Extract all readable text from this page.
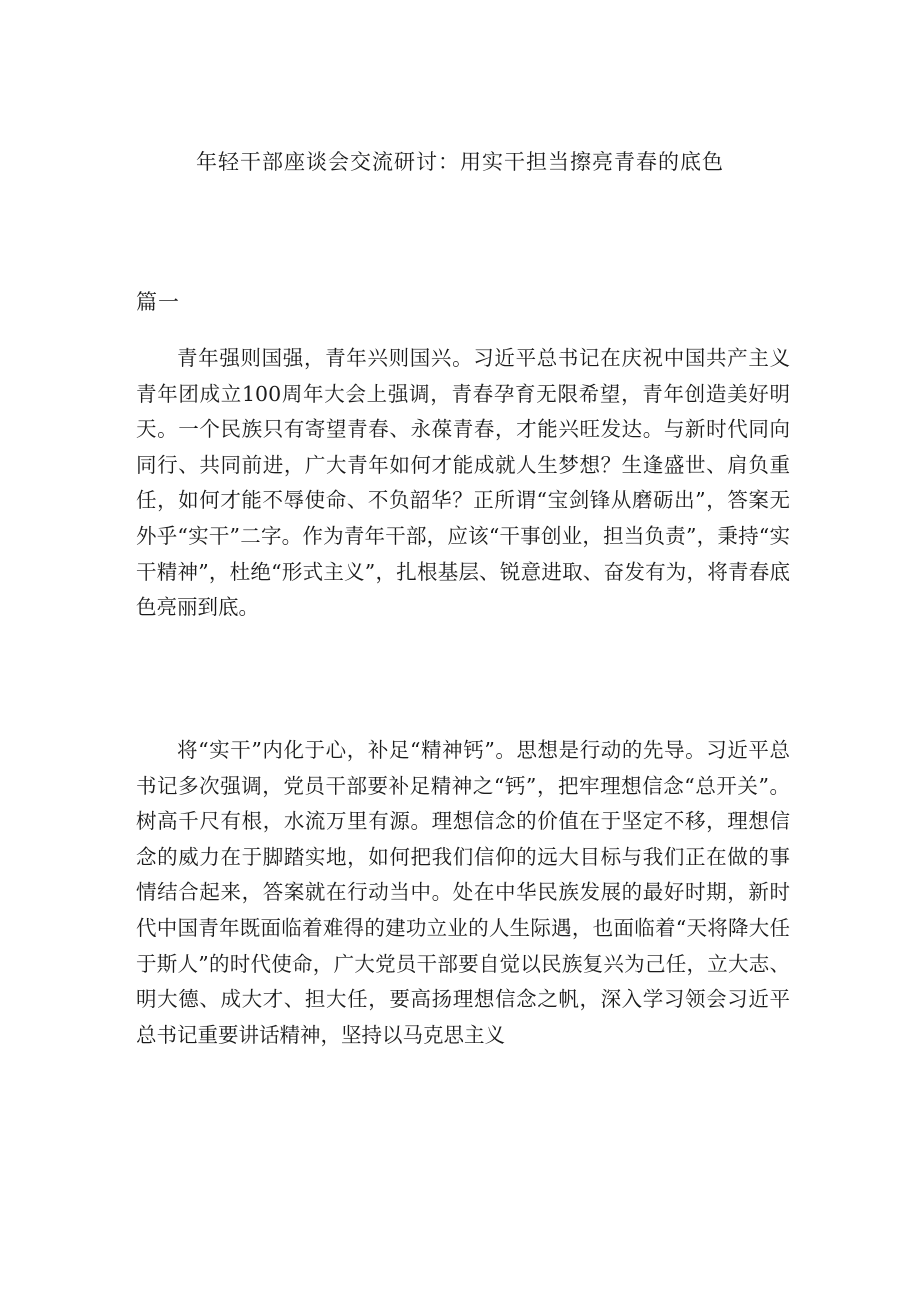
年轻干部座谈会交流研讨：用实干担当擦亮青春的底色
篇一

青年强则国强，青年兴则国兴。习近平总书记在庆祝中国共产主义青年团成立100周年大会上强调，青春孕育无限希望，青年创造美好明天。一个民族只有寄望青春、永葆青春，才能兴旺发达。与新时代同向同行、共同前进，广大青年如何才能成就人生梦想？生逢盛世、肩负重任，如何才能不辱使命、不负韶华？正所谓“宝剑锋从磨砺出”，答案无外乎“实干”二字。作为青年干部，应该“干事创业，担当负责”，秉持“实干精神”，杜绝“形式主义”，扎根基层、锐意进取、奋发有为，将青春底色亮丽到底。

将“实干”内化于心，补足“精神钙”。思想是行动的先导。习近平总书记多次强调，党员干部要补足精神之“钙”，把牢理想信念“总开关”。树高千尺有根，水流万里有源。理想信念的价值在于坚定不移，理想信念的威力在于脚踏实地，如何把我们信仰的远大目标与我们正在做的事情结合起来，答案就在行动当中。处在中华民族发展的最好时期，新时代中国青年既面临着难得的建功立业的人生际遇，也面临着“天将降大任于斯人”的时代使命，广大党员干部要自觉以民族复兴为己任，立大志、明大德、成大才、担大任，要高扬理想信念之帆，深入学习领会习近平总书记重要讲话精神，坚持以马克思主义
